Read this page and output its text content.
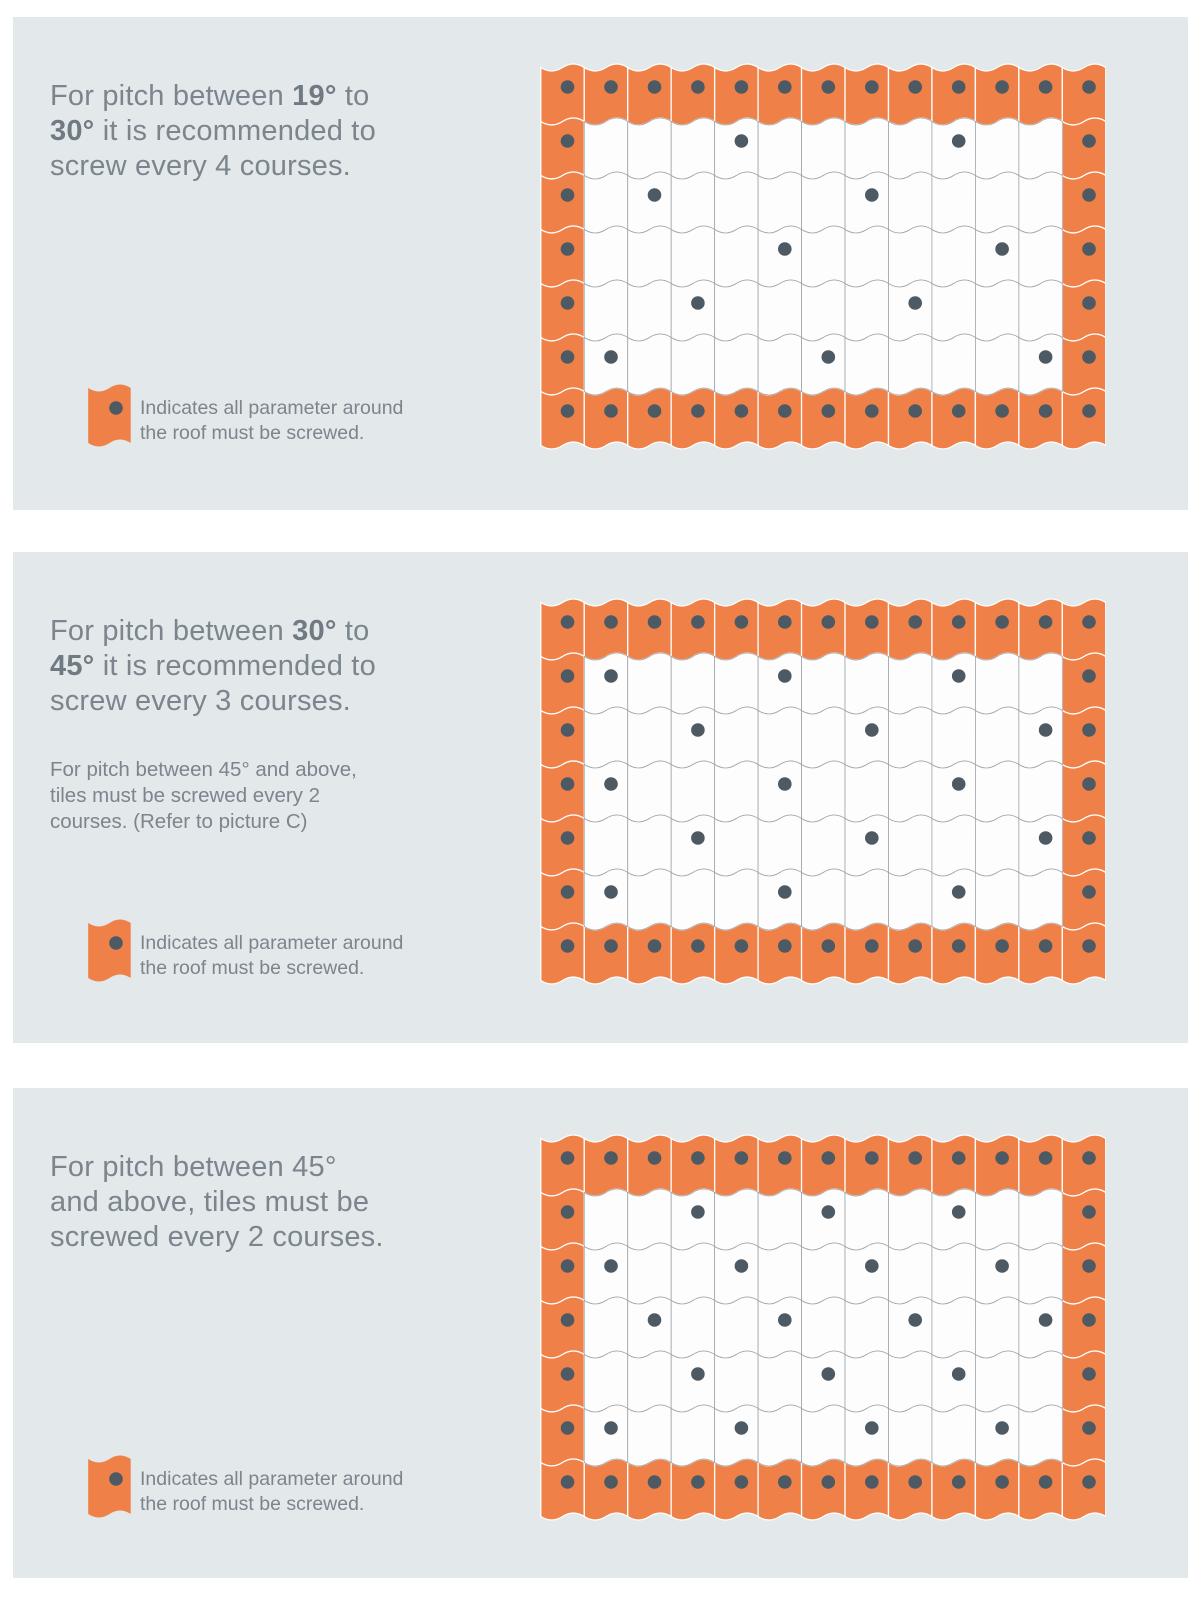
For pitch between 19° to
30° it is recommended to
screw every 4 courses.
Indicates all parameter around
the roof must be screwed.
For pitch between 30° to
45° it is recommended to
screw every 3 courses.
For pitch between 45° and above,
tiles must be screwed every 2
courses. (Refer to picture C)
Indicates all parameter around
the roof must be screwed.
For pitch between 45°
and above, tiles must be
screwed every 2 courses.
Indicates all parameter around
the roof must be screwed.
